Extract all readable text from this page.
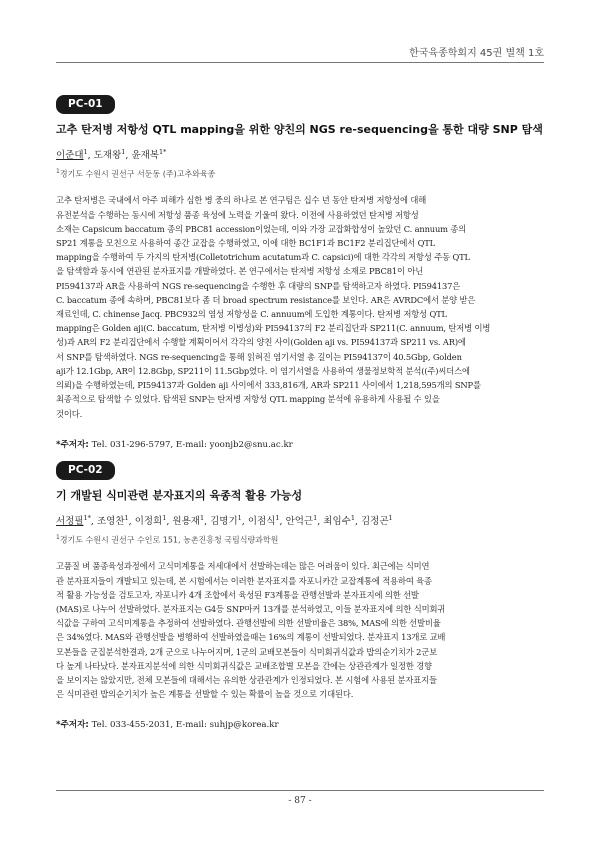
한국육종학회지 45권 별책 1호
PC-01
고추 탄저병 저항성 QTL mapping을 위한 양친의 NGS re-sequencing을 통한 대량 SNP 탐색
이준대$^1$, 도재왕$^1$, 윤재복$^{1*}$
$^1$경기도 수원시 권선구 서둔동 (주)고추와육종

고추 탄저병은 국내에서 아주 피해가 심한 병 중의 하나로 본 연구팀은 십수 년 동안 탄저병 저항성에 대해

유전분석을 수행하는 동시에 저항성 품종 육성에 노력을 기울여 왔다. 이전에 사용하였던 탄저병 저항성

소재는 Capsicum baccatum 종의 PBC81 accession이었는데, 이와 가장 교잡화합성이 높았던 C. annuum 종의

SP21 계통을 모친으로 사용하여 종간 교잡을 수행하였고, 이에 대한 BC1F1과 BC1F2 분리집단에서 QTL

mapping을 수행하여 두 가지의 탄저병(Colletotrichum acutatum과 C. capsici)에 대한 각각의 저항성 주동 QTL

을 탐색함과 동시에 연관된 분자표지를 개발하였다. 본 연구에서는 탄저병 저항성 소재로 PBC81이 아닌

PI594137과 AR을 사용하여 NGS re-sequencing을 수행한 후 대량의 SNP를 탐색하고자 하였다. PI594137은

C. baccatum 종에 속하며, PBC81보다 좀 더 broad spectrum resistance를 보인다. AR은 AVRDC에서 분양 받은

재료인데, C. chinense Jacq. PBC932의 염성 저항성을 C. annuum에 도입한 계통이다. 탄저병 저항성 QTL

mapping은 Golden aji(C. baccatum, 탄저병 이병성)와 PI594137의 F2 분리집단과 SP211(C. annuum, 탄저병 이병

성)과 AR의 F2 분리집단에서 수행할 계획이어서 각각의 양친 사이(Golden aji vs. PI594137과 SP211 vs. AR)에

서 SNP를 탐색하였다. NGS re-sequencing을 통해 읽혀진 염기서열 총 길이는 PI594137이 40.5Gbp, Golden

aji가 12.1Gbp, AR이 12.8Gbp, SP211이 11.5Gbp였다. 이 염기서열을 사용하여 생물정보학적 분석((주)씨더스에

의뢰)을 수행하였는데, PI594137과 Golden aji 사이에서 333,816개, AR과 SP211 사이에서 1,218,595개의 SNP를

최종적으로 탐색할 수 있었다. 탐색된 SNP는 탄저병 저항성 QTL mapping 분석에 유용하게 사용될 수 있을

것이다.

*주저자: Tel. 031-296-5797, E-mail: yoonjb2@snu.ac.kr
PC-02
기 개발된 식미관련 분자표지의 육종적 활용 가능성
서정필$^{1*}$, 조영찬$^1$, 이정희$^1$, 원용재$^1$, 김명기$^1$, 이점식$^1$, 안억근$^1$, 최임수$^1$, 김정곤$^1$
$^1$경기도 수원시 권선구 수인로 151, 농촌진흥청 국립식량과학원

고품질 벼 품종육성과정에서 고식미계통을 저세대에서 선발하는데는 많은 어려움이 있다. 최근에는 식미연

관 분자표지들이 개발되고 있는데, 본 시험에서는 이러한 분자표지를 자포니카간 교잡계통에 적용하여 육종

적 활용 가능성을 검토고자, 자포니카 4개 조합에서 육성된 F3계통을 관행선발과 분자표지에 의한 선발

(MAS)로 나누어 선발하였다. 분자표지는 G4등 SNP마커 13개를 분석하였고, 이들 분자표지에 의한 식미회귀

식값을 구하여 고식미계통을 추정하여 선발하였다. 관행선발에 의한 선발비율은 38%, MAS에 의한 선발비율

은 34%였다. MAS와 관행선발을 병행하여 선발하였을때는 16%의 계통이 선발되었다. 분자표지 13개로 교배

모본들을 군집분석한결과, 2개 군으로 나누어지며, 1군의 교배모본들이 식미회귀식값과 밥의순기치가 2군보

다 높게 나타났다. 분자표지분석에 의한 식미회귀식값은 교배조합별 모본을 간에는 상관관계가 일정한 경향

을 보이지는 않았지만, 전체 모본들에 대해서는 유의한 상관관계가 인정되었다. 본 시험에 사용된 분자표지들

은 식미관련 밥의순기치가 높은 계통을 선발할 수 있는 확률이 높을 것으로 기대된다.

*주저자: Tel. 033-455-2031, E-mail: suhjp@korea.kr
- 87 -
